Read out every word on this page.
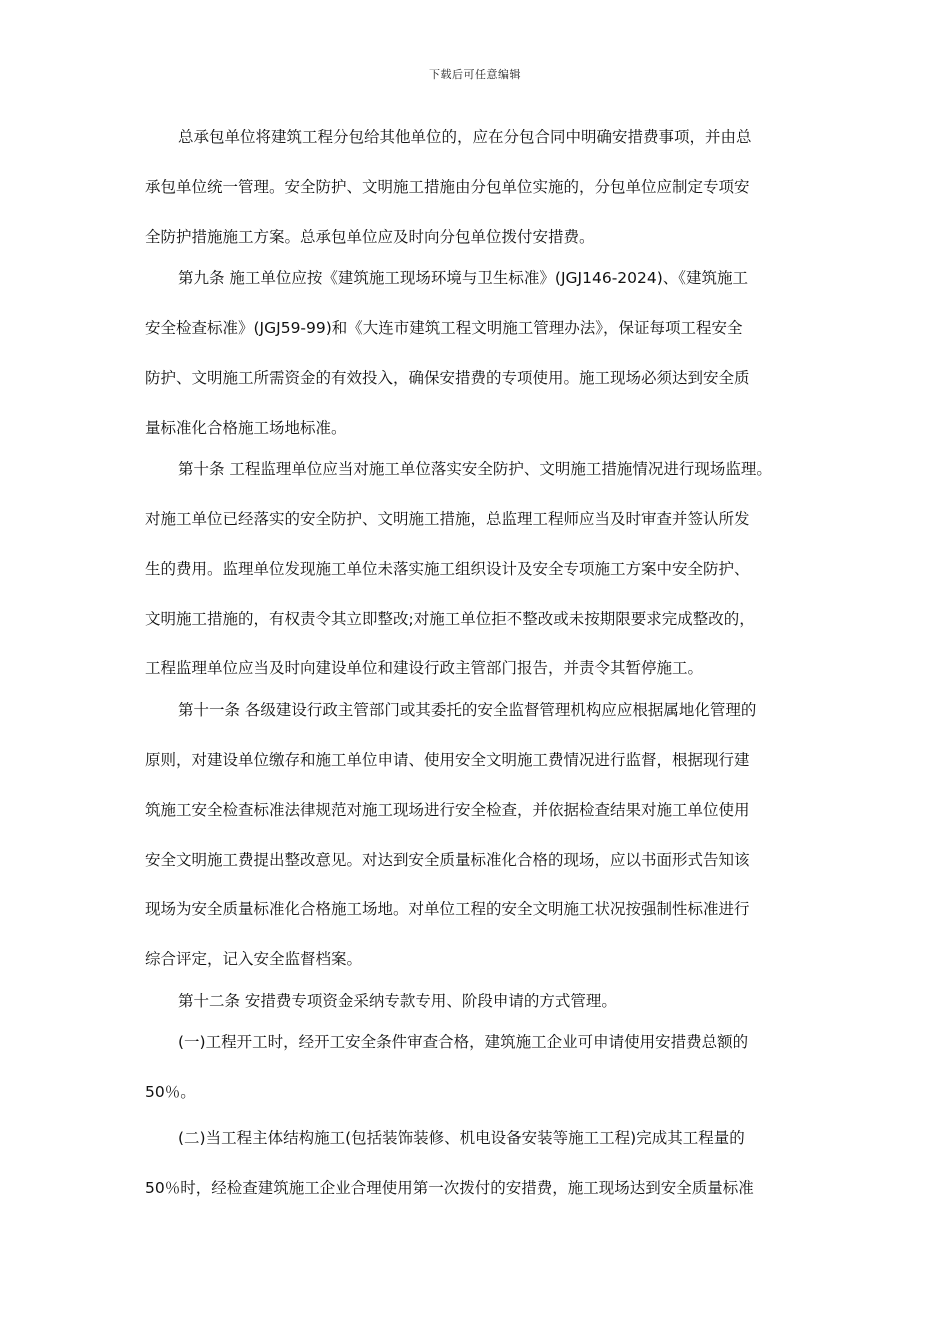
下载后可任意编辑
总承包单位将建筑工程分包给其他单位的，应在分包合同中明确安措费事项，并由总
承包单位统一管理。安全防护、文明施工措施由分包单位实施的，分包单位应制定专项安
全防护措施施工方案。总承包单位应及时向分包单位拨付安措费。
第九条 施工单位应按《建筑施工现场环境与卫生标准》(JGJ146-2024)、《建筑施工
安全检查标准》(JGJ59-99)和《大连市建筑工程文明施工管理办法》，保证每项工程安全
防护、文明施工所需资金的有效投入，确保安措费的专项使用。施工现场必须达到安全质
量标准化合格施工场地标准。
第十条 工程监理单位应当对施工单位落实安全防护、文明施工措施情况进行现场监理。
对施工单位已经落实的安全防护、文明施工措施，总监理工程师应当及时审查并签认所发
生的费用。监理单位发现施工单位未落实施工组织设计及安全专项施工方案中安全防护、
文明施工措施的，有权责令其立即整改;对施工单位拒不整改或未按期限要求完成整改的，
工程监理单位应当及时向建设单位和建设行政主管部门报告，并责令其暂停施工。
第十一条 各级建设行政主管部门或其委托的安全监督管理机构应应根据属地化管理的
原则，对建设单位缴存和施工单位申请、使用安全文明施工费情况进行监督，根据现行建
筑施工安全检查标准法律规范对施工现场进行安全检查，并依据检查结果对施工单位使用
安全文明施工费提出整改意见。对达到安全质量标准化合格的现场，应以书面形式告知该
现场为安全质量标准化合格施工场地。对单位工程的安全文明施工状况按强制性标准进行
综合评定，记入安全监督档案。
第十二条 安措费专项资金采纳专款专用、阶段申请的方式管理。
(一)工程开工时，经开工安全条件审查合格，建筑施工企业可申请使用安措费总额的
50％。
(二)当工程主体结构施工(包括装饰装修、机电设备安装等施工工程)完成其工程量的
50％时，经检查建筑施工企业合理使用第一次拨付的安措费，施工现场达到安全质量标准
